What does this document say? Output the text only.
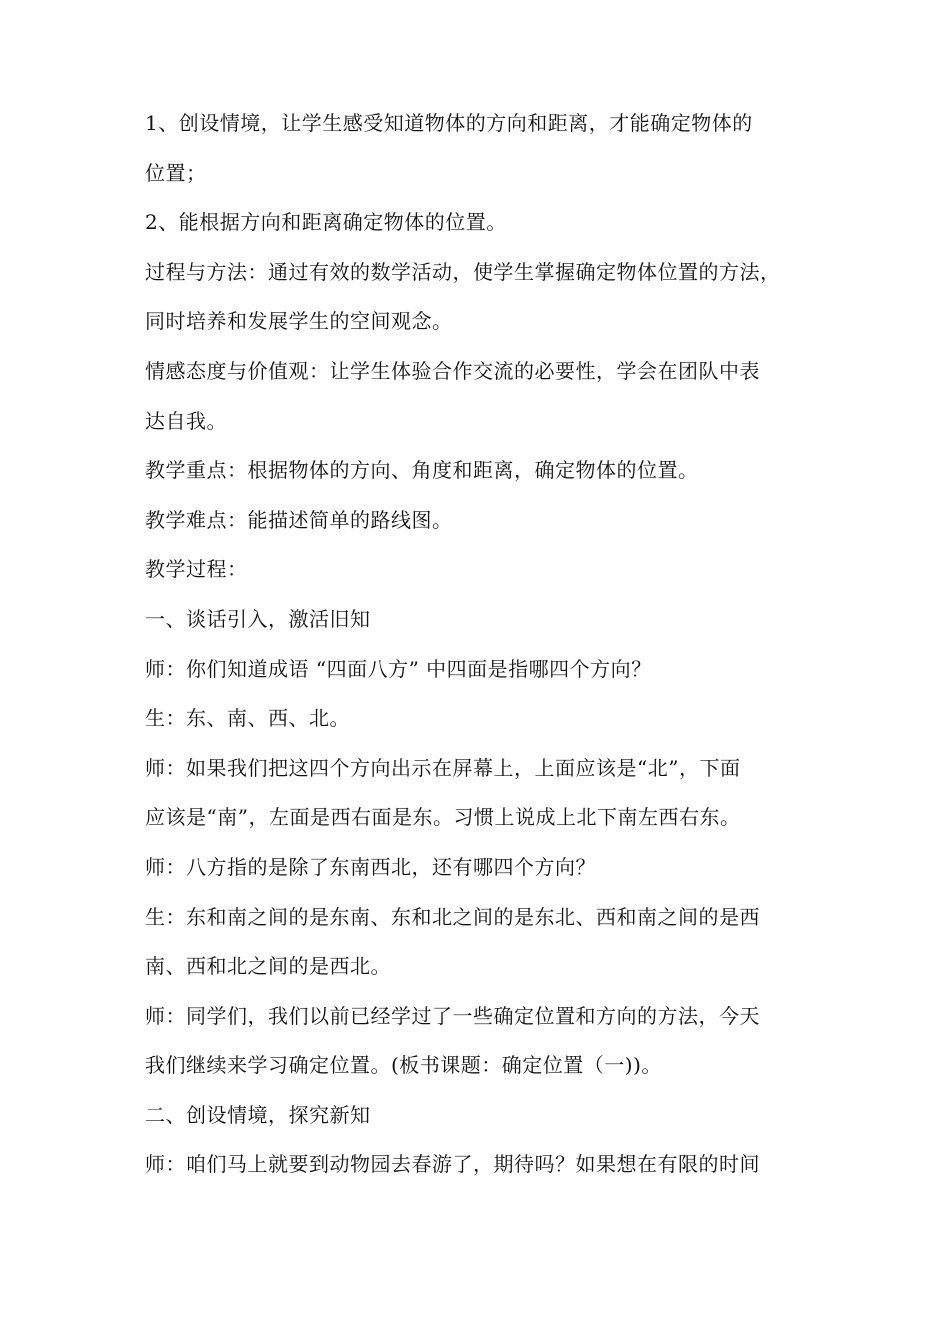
1、创设情境，让学生感受知道物体的方向和距离，才能确定物体的

位置；

2、能根据方向和距离确定物体的位置。

过程与方法：通过有效的数学活动，使学生掌握确定物体位置的方法，

同时培养和发展学生的空间观念。

情感态度与价值观：让学生体验合作交流的必要性，学会在团队中表

达自我。

教学重点：根据物体的方向、角度和距离，确定物体的位置。

教学难点：能描述简单的路线图。

教学过程：

一、谈话引入，激活旧知

师：你们知道成语 “四面八方” 中四面是指哪四个方向？

生：东、南、西、北。

师：如果我们把这四个方向出示在屏幕上，上面应该是“北”，下面

应该是“南”，左面是西右面是东。习惯上说成上北下南左西右东。

师：八方指的是除了东南西北，还有哪四个方向？

生：东和南之间的是东南、东和北之间的是东北、西和南之间的是西

南、西和北之间的是西北。

师：同学们，我们以前已经学过了一些确定位置和方向的方法，今天

我们继续来学习确定位置。(板书课题：确定位置（一))。

二、创设情境，探究新知

师：咱们马上就要到动物园去春游了，期待吗？如果想在有限的时间
